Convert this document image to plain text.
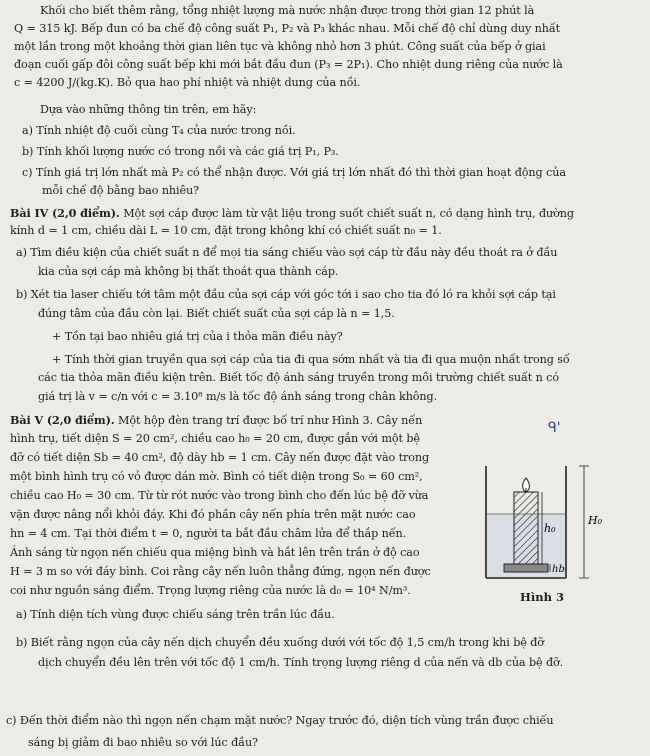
Khối cho biết thêm rằng, tổng nhiệt lượng mà nước nhận được trong thời gian 12 phút là
Q = 315 kJ. Bếp đun có ba chế độ công suất P₁, P₂ và P₃ khác nhau. Mỗi chế độ chỉ dùng duy nhất
một lần trong một khoảng thời gian liên tục và không nhỏ hơn 3 phút. Công suất của bếp ở giai
đoạn cuối gấp đôi công suất bếp khi mới bắt đầu đun (P₃ = 2P₁). Cho nhiệt dung riêng của nước là
c = 4200 J/(kg.K). Bỏ qua hao phí nhiệt và nhiệt dung của nồi.
Dựa vào những thông tin trên, em hãy:
a) Tính nhiệt độ cuối cùng T₄ của nước trong nồi.
b) Tính khối lượng nước có trong nồi và các giá trị P₁, P₃.
c) Tính giá trị lớn nhất mà P₂ có thể nhận được. Với giá trị lớn nhất đó thì thời gian hoạt động của
mỗi chế độ bằng bao nhiêu?
Bài IV (2,0 điểm). Một sợi cáp được làm từ vật liệu trong suốt chiết suất n, có dạng hình trụ, đường
kính d = 1 cm, chiều dài L = 10 cm, đặt trong không khí có chiết suất n₀ = 1.
a) Tìm điều kiện của chiết suất n để mọi tia sáng chiếu vào sợi cáp từ đầu này đều thoát ra ở đầu
kia của sợi cáp mà không bị thất thoát qua thành cáp.
b) Xét tia laser chiếu tới tâm một đầu của sợi cáp với góc tới i sao cho tia đó ló ra khỏi sợi cáp tại
đúng tâm của đầu còn lại. Biết chiết suất của sợi cáp là n = 1,5.
+ Tồn tại bao nhiêu giá trị của i thỏa mãn điều này?
+ Tính thời gian truyền qua sợi cáp của tia đi qua sớm nhất và tia đi qua muộn nhất trong số
các tia thỏa mãn điều kiện trên. Biết tốc độ ánh sáng truyền trong môi trường chiết suất n có
giá trị là v = c/n với c = 3.10⁸ m/s là tốc độ ánh sáng trong chân không.
Bài V (2,0 điểm). Một hộp đèn trang trí được bố trí như Hình 3. Cây nến
hình trụ, tiết diện S = 20 cm², chiều cao h₀ = 20 cm, được gắn với một bệ
đỡ có tiết diện Sb = 40 cm², độ dày hb = 1 cm. Cây nến được đặt vào trong
một bình hình trụ có vỏ được dán mờ. Bình có tiết diện trong S₀ = 60 cm²,
chiều cao H₀ = 30 cm. Từ từ rót nước vào trong bình cho đến lúc bệ đỡ vừa
vặn được nâng nổi khỏi đáy. Khi đó phần cây nến phía trên mặt nước cao
hn = 4 cm. Tại thời điểm t = 0, người ta bắt đầu châm lửa để thắp nến.
Ánh sáng từ ngọn nến chiếu qua miệng bình và hắt lên trên trần ở độ cao
H = 3 m so với đáy bình. Coi rằng cây nến luôn thẳng đứng, ngọn nến được
coi như nguồn sáng điểm. Trọng lượng riêng của nước là d₀ = 10⁴ N/m³.
a) Tính diện tích vùng được chiếu sáng trên trần lúc đầu.
b) Biết rằng ngọn của cây nến dịch chuyển đều xuống dưới với tốc độ 1,5 cm/h trong khi bệ đỡ
dịch chuyển đều lên trên với tốc độ 1 cm/h. Tính trọng lượng riêng d của nến và db của bệ đỡ.
c) Đến thời điểm nào thì ngọn nến chạm mặt nước? Ngay trước đó, diện tích vùng trần được chiếu
sáng bị giảm đi bao nhiêu so với lúc đầu?
h₀
H₀
hb
Hình 3
ᑫ'
